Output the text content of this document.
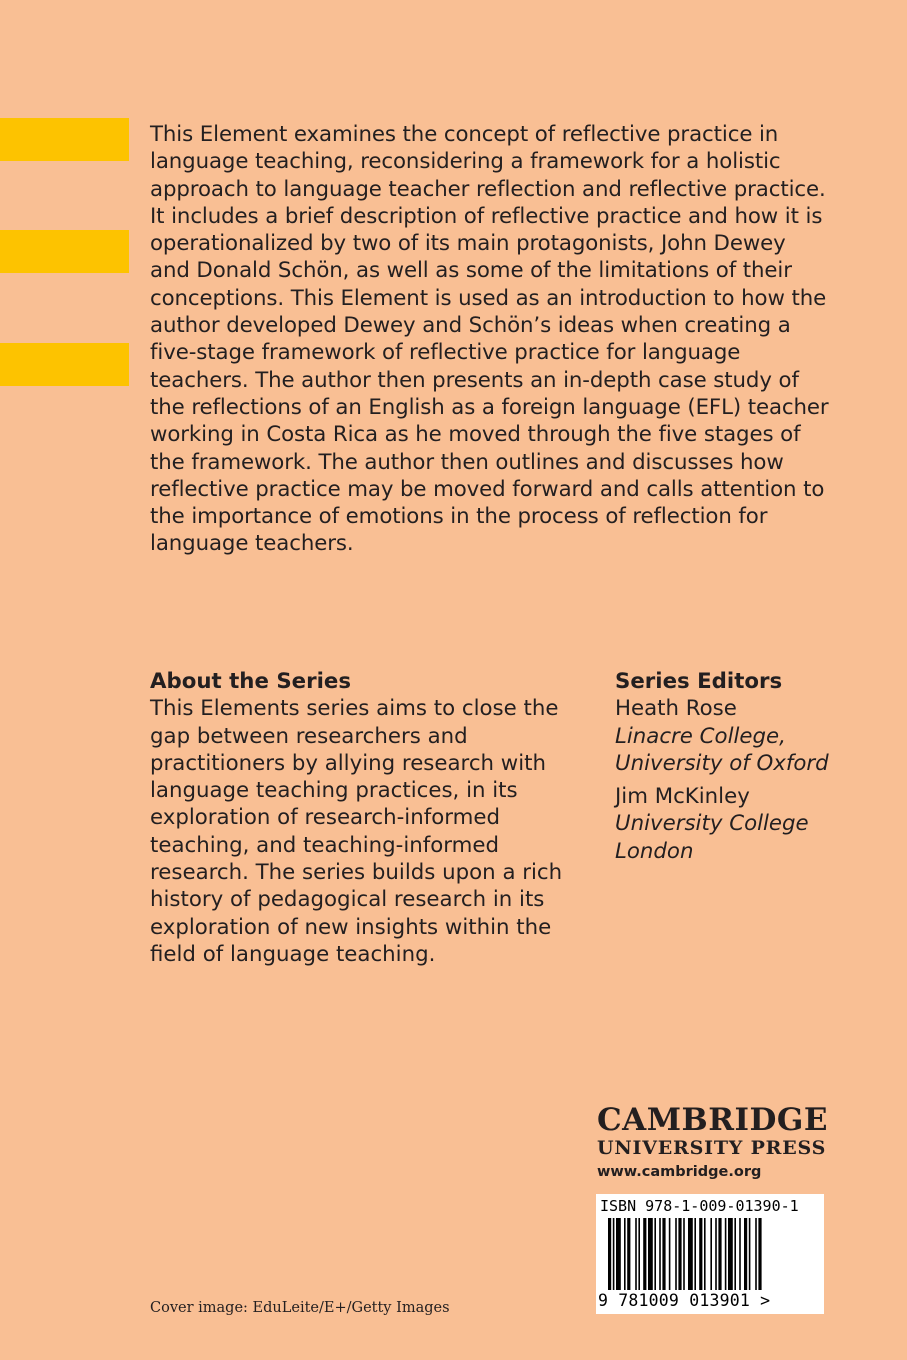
This Element examines the concept of reflective practice in language teaching, reconsidering a framework for a holistic approach to language teacher reflection and reflective practice. It includes a brief description of reflective practice and how it is operationalized by two of its main protagonists, John Dewey and Donald Schön, as well as some of the limitations of their conceptions. This Element is used as an introduction to how the author developed Dewey and Schön’s ideas when creating a five-stage framework of reflective practice for language teachers. The author then presents an in-depth case study of the reflections of an English as a foreign language (EFL) teacher working in Costa Rica as he moved through the five stages of the framework. The author then outlines and discusses how reflective practice may be moved forward and calls attention to the importance of emotions in the process of reflection for language teachers.

About the Series

This Elements series aims to close the gap between researchers and practitioners by allying research with language teaching practices, in its exploration of research-informed teaching, and teaching-informed research. The series builds upon a rich history of pedagogical research in its exploration of new insights within the field of language teaching.

Series Editors
Heath Rose
Linacre College, University of Oxford
Jim McKinley
University College London
CAMBRIDGE
UNIVERSITY PRESS
www.cambridge.org
ISBN 978-1-009-01390-1
9 781009 013901 >
Cover image: EduLeite/E+/Getty Images
